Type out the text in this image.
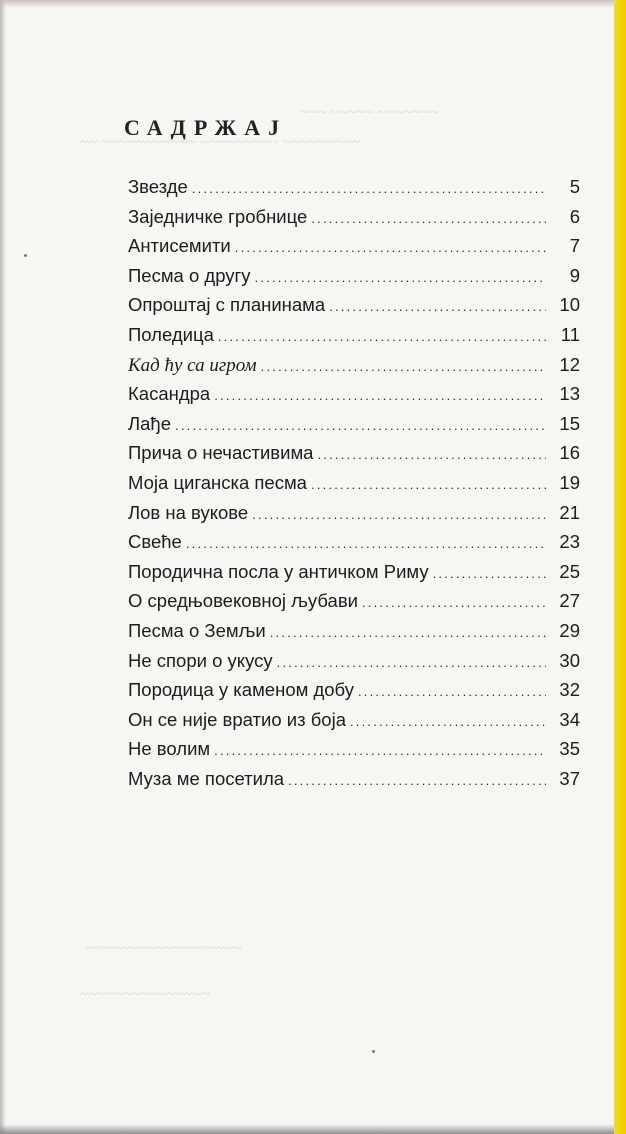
~~~ ~~~~~ ~~~~~~~
~~ ~~~~~~~~~~~ ~~~~~~~~~ ~~~~~~~~~
~~~~~~~~~~~~~~~~~~
~~~~~~~~~~~~~~~
САДРЖАЈ
Звезде .....	5
Заједничке гробнице .....	6
Антисемити .....	7
Песма о другу .....	9
Опроштај с планинама .....	10
Поледица .....	11
Кад ћу са игром .....	12
Касандра .....	13
Лађе .....	15
Прича о нечастивима .....	16
Моја циганска песма .....	19
Лов на вукове .....	21
Свеће .....	23
Породична посла у античком Риму .....	25
О средњовековној љубави .....	27
Песма о Земљи .....	29
Не спори о укусу .....	30
Породица у каменом добу .....	32
Он се није вратио из боја .....	34
Не волим .....	35
Муза ме посетила .....	37
